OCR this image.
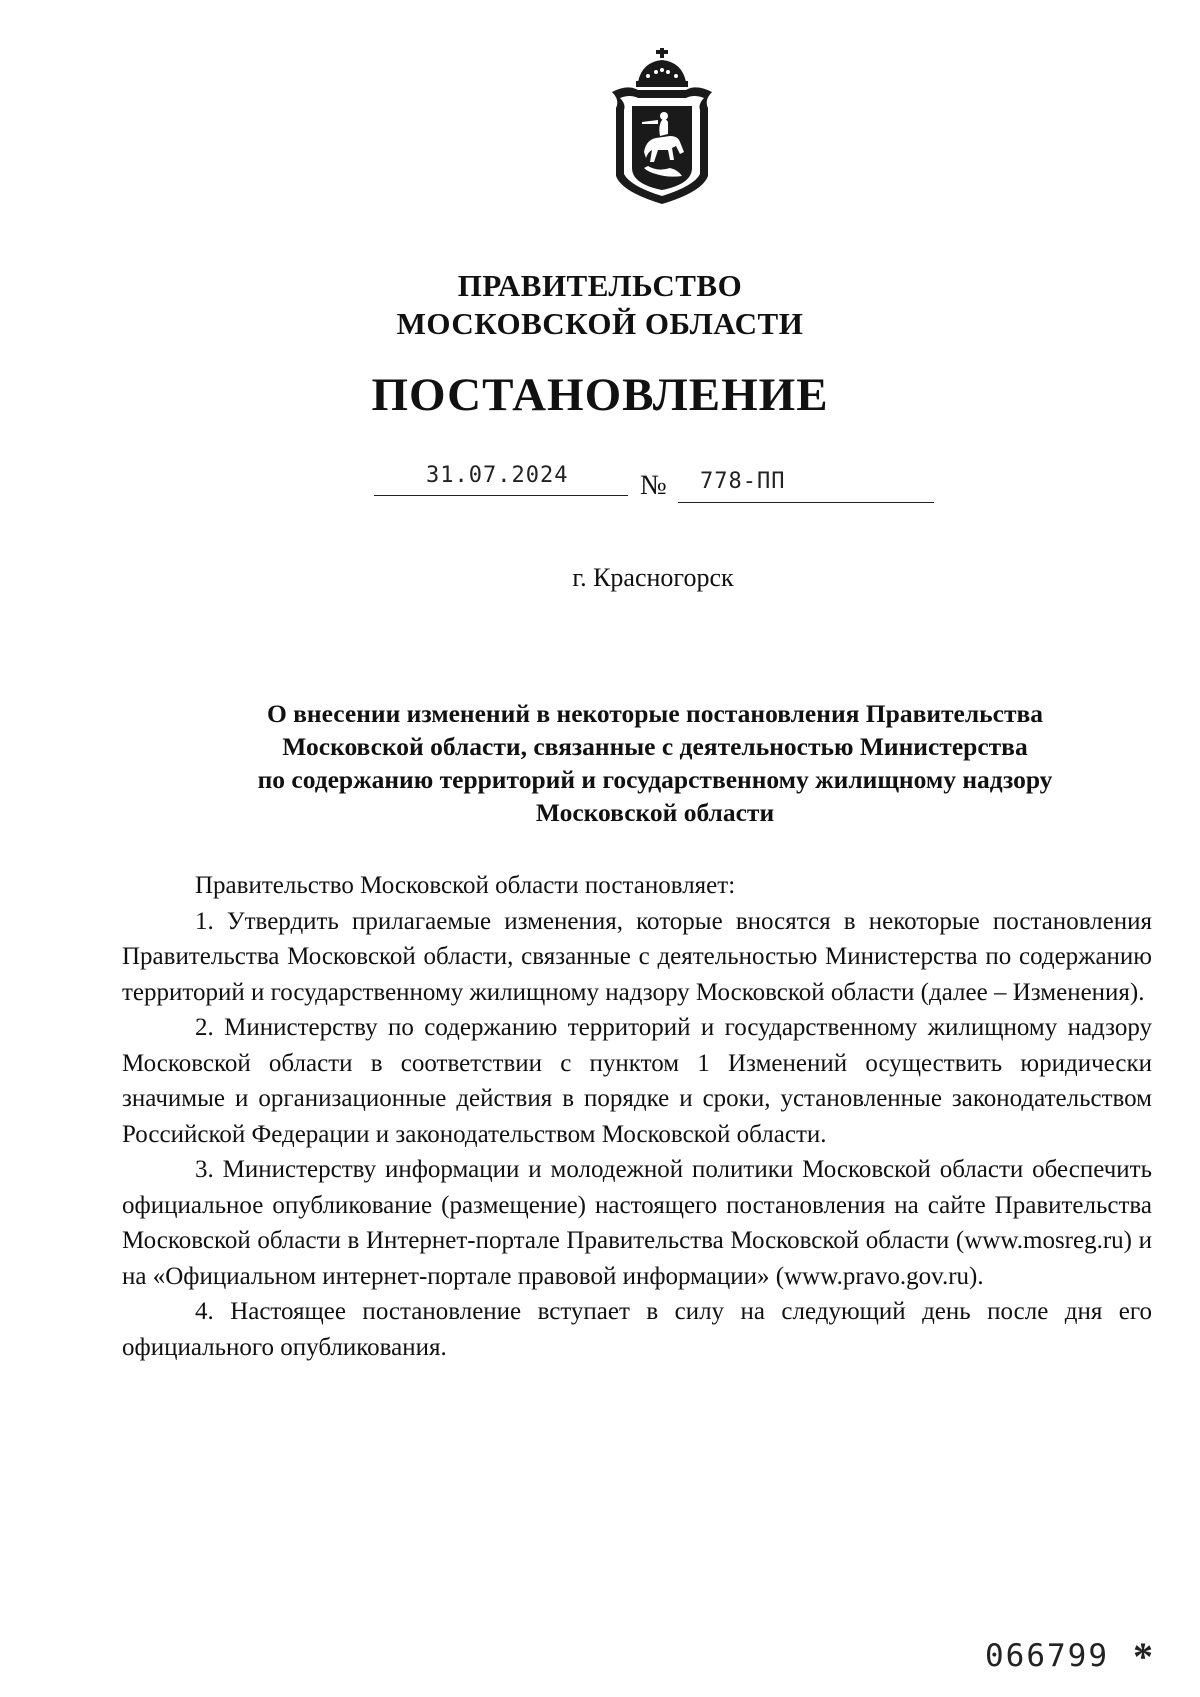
ПРАВИТЕЛЬСТВО
МОСКОВСКОЙ ОБЛАСТИ
ПОСТАНОВЛЕНИЕ
31.07.2024	№ 778-ПП
г. Красногорск
О внесении изменений в некоторые постановления Правительства
Московской области, связанные с деятельностью Министерства
по содержанию территорий и государственному жилищному надзору
Московской области

Правительство Московской области постановляет:

1. Утвердить прилагаемые изменения, которые вносятся в некоторые постановления Правительства Московской области, связанные с деятельностью Министерства по содержанию территорий и государственному жилищному надзору Московской области (далее – Изменения).

2. Министерству по содержанию территорий и государственному жилищному надзору Московской области в соответствии с пунктом 1 Изменений осуществить юридически значимые и организационные действия в порядке и сроки, установленные законодательством Российской Федерации и законодательством Московской области.

3. Министерству информации и молодежной политики Московской области обеспечить официальное опубликование (размещение) настоящего постановления на сайте Правительства Московской области в Интернет-портале Правительства Московской области (www.mosreg.ru) и на «Официальном интернет-портале правовой информации» (www.pravo.gov.ru).

4. Настоящее постановление вступает в силу на следующий день после дня его официального опубликования.

066799 *
